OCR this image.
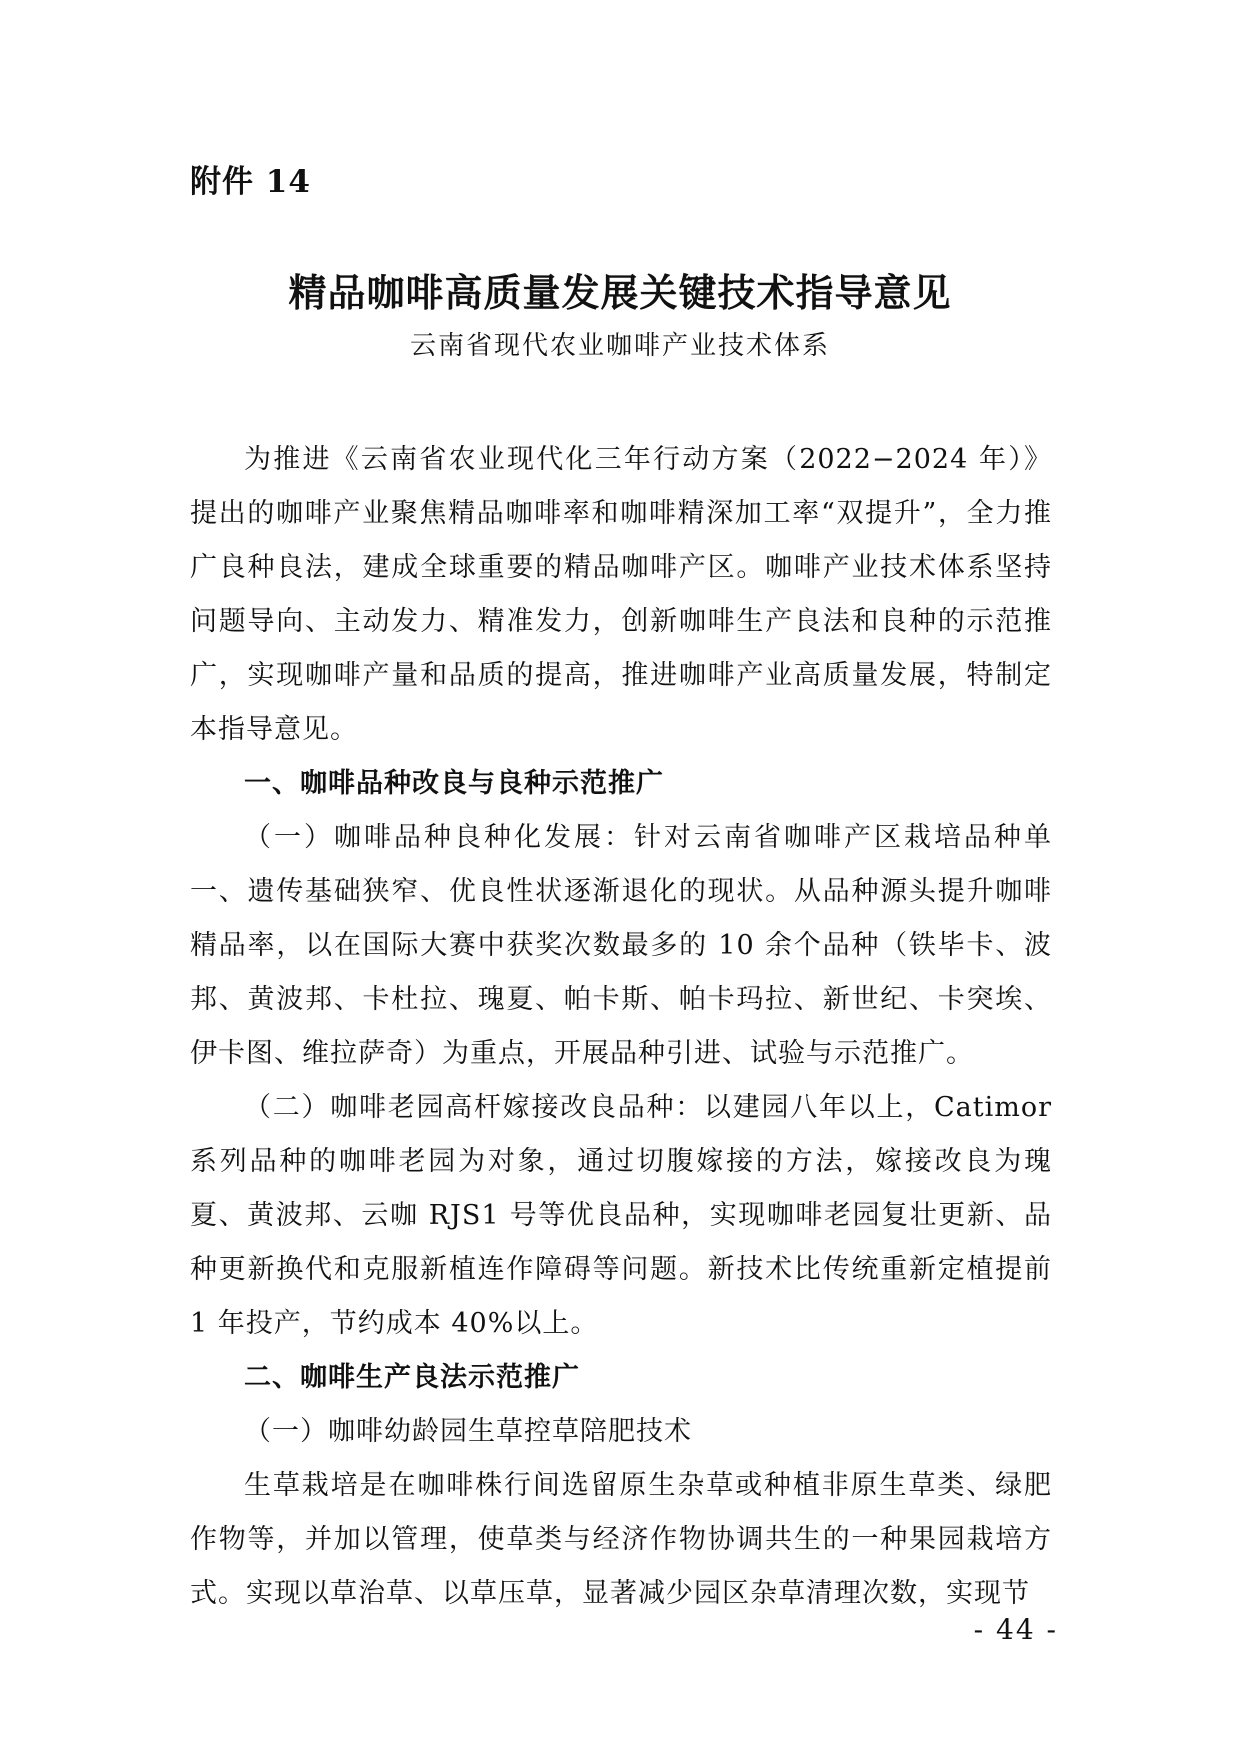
附件 14

精品咖啡高质量发展关键技术指导意见

云南省现代农业咖啡产业技术体系

为推进《云南省农业现代化三年行动方案（2022−2024 年）》提出的咖啡产业聚焦精品咖啡率和咖啡精深加工率“双提升”，全力推广良种良法，建成全球重要的精品咖啡产区。咖啡产业技术体系坚持问题导向、主动发力、精准发力，创新咖啡生产良法和良种的示范推广，实现咖啡产量和品质的提高，推进咖啡产业高质量发展，特制定本指导意见。

一、咖啡品种改良与良种示范推广

（一）咖啡品种良种化发展：针对云南省咖啡产区栽培品种单一、遗传基础狭窄、优良性状逐渐退化的现状。从品种源头提升咖啡精品率，以在国际大赛中获奖次数最多的 10 余个品种（铁毕卡、波邦、黄波邦、卡杜拉、瑰夏、帕卡斯、帕卡玛拉、新世纪、卡突埃、伊卡图、维拉萨奇）为重点，开展品种引进、试验与示范推广。

（二）咖啡老园高杆嫁接改良品种：以建园八年以上，Catimor 系列品种的咖啡老园为对象，通过切腹嫁接的方法，嫁接改良为瑰夏、黄波邦、云咖 RJS1 号等优良品种，实现咖啡老园复壮更新、品种更新换代和克服新植连作障碍等问题。新技术比传统重新定植提前 1 年投产，节约成本 40%以上。

二、咖啡生产良法示范推广

（一）咖啡幼龄园生草控草陪肥技术

生草栽培是在咖啡株行间选留原生杂草或种植非原生草类、绿肥作物等，并加以管理，使草类与经济作物协调共生的一种果园栽培方式。实现以草治草、以草压草，显著减少园区杂草清理次数，实现节

- 44 -
